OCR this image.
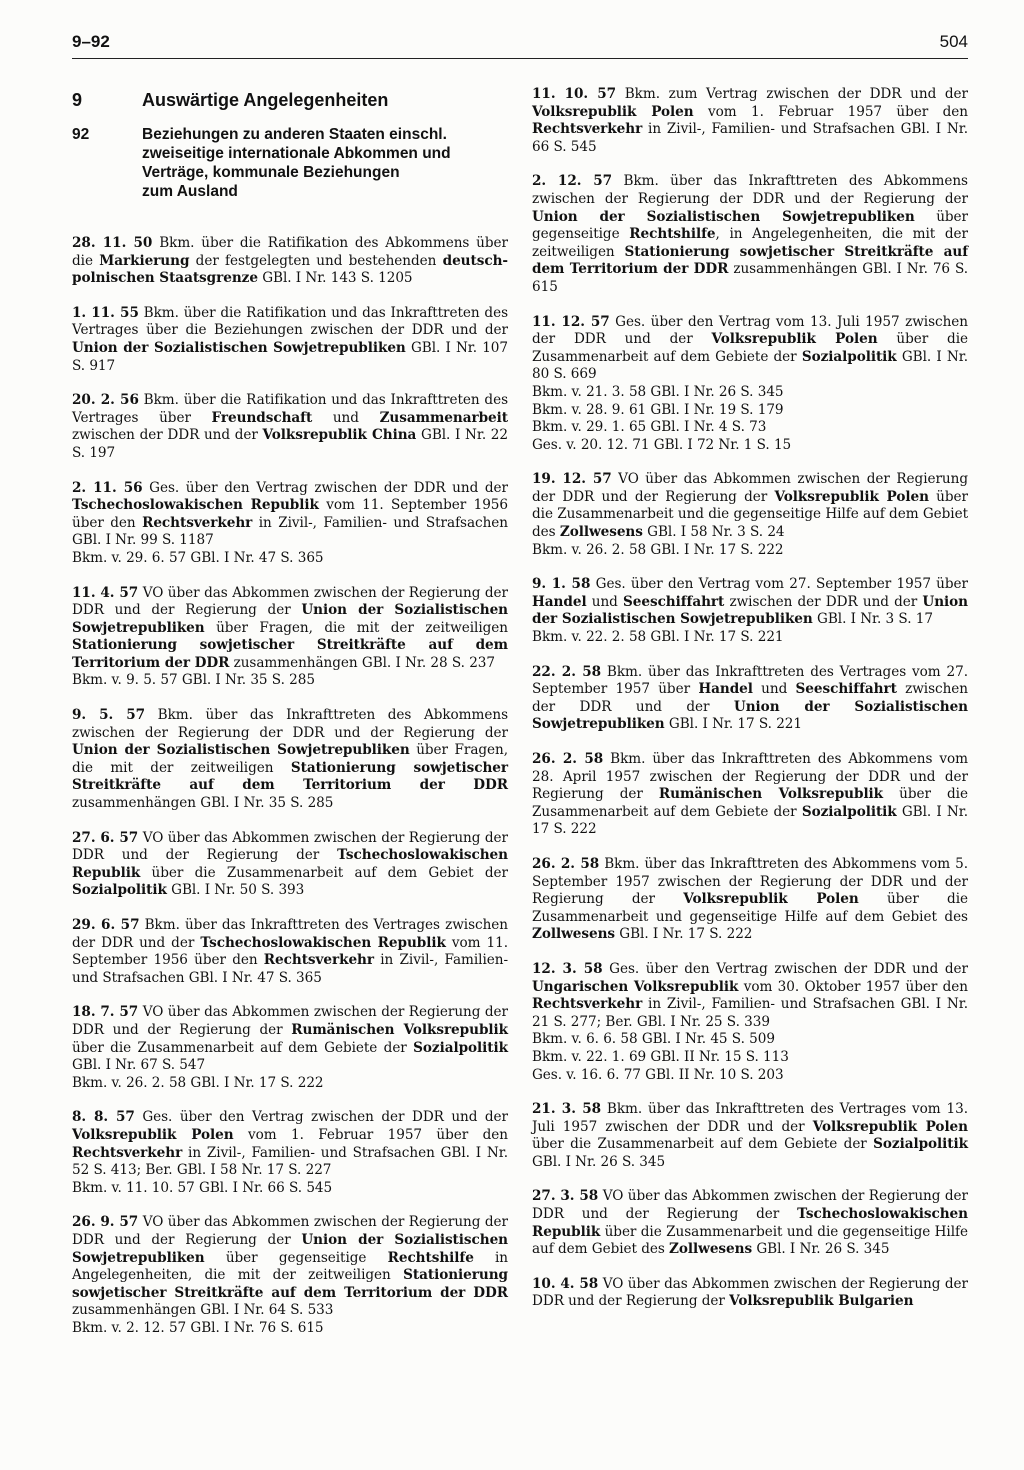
9–92	504
9	Auswärtige Angelegenheiten
92	Beziehungen zu anderen Staaten einschl.
zweiseitige internationale Abkommen und
Verträge, kommunale Beziehungen
zum Ausland
28. 11. 50 Bkm. über die Ratifikation des Abkommens über die Markierung der festgelegten und bestehenden deutsch-polnischen Staatsgrenze GBl. I Nr. 143 S. 1205
1. 11. 55 Bkm. über die Ratifikation und das Inkrafttreten des Vertrages über die Beziehungen zwischen der DDR und der Union der Sozialistischen Sowjetrepubliken GBl. I Nr. 107 S. 917
20. 2. 56 Bkm. über die Ratifikation und das Inkrafttreten des Vertrages über Freundschaft und Zusammenarbeit zwischen der DDR und der Volksrepublik China GBl. I Nr. 22 S. 197
2. 11. 56 Ges. über den Vertrag zwischen der DDR und der Tschechoslowakischen Republik vom 11. September 1956 über den Rechtsverkehr in Zivil-, Familien- und Strafsachen GBl. I Nr. 99 S. 1187
Bkm. v. 29. 6. 57 GBl. I Nr. 47 S. 365
11. 4. 57 VO über das Abkommen zwischen der Regierung der DDR und der Regierung der Union der Sozialistischen Sowjetrepubliken über Fragen, die mit der zeitweiligen Stationierung sowjetischer Streitkräfte auf dem Territorium der DDR zusammenhängen GBl. I Nr. 28 S. 237
Bkm. v. 9. 5. 57 GBl. I Nr. 35 S. 285
9. 5. 57 Bkm. über das Inkrafttreten des Abkommens zwischen der Regierung der DDR und der Regierung der Union der Sozialistischen Sowjetrepubliken über Fragen, die mit der zeitweiligen Stationierung sowjetischer Streitkräfte auf dem Territorium der DDR zusammenhängen GBl. I Nr. 35 S. 285
27. 6. 57 VO über das Abkommen zwischen der Regierung der DDR und der Regierung der Tschechoslowakischen Republik über die Zusammenarbeit auf dem Gebiet der Sozialpolitik GBl. I Nr. 50 S. 393
29. 6. 57 Bkm. über das Inkrafttreten des Vertrages zwischen der DDR und der Tschechoslowakischen Republik vom 11. September 1956 über den Rechtsverkehr in Zivil-, Familien- und Strafsachen GBl. I Nr. 47 S. 365
18. 7. 57 VO über das Abkommen zwischen der Regierung der DDR und der Regierung der Rumänischen Volksrepublik über die Zusammenarbeit auf dem Gebiete der Sozialpolitik GBl. I Nr. 67 S. 547
Bkm. v. 26. 2. 58 GBl. I Nr. 17 S. 222
8. 8. 57 Ges. über den Vertrag zwischen der DDR und der Volksrepublik Polen vom 1. Februar 1957 über den Rechtsverkehr in Zivil-, Familien- und Strafsachen GBl. I Nr. 52 S. 413; Ber. GBl. I 58 Nr. 17 S. 227
Bkm. v. 11. 10. 57 GBl. I Nr. 66 S. 545
26. 9. 57 VO über das Abkommen zwischen der Regierung der DDR und der Regierung der Union der Sozialistischen Sowjetrepubliken über gegenseitige Rechtshilfe in Angelegenheiten, die mit der zeitweiligen Stationierung sowjetischer Streitkräfte auf dem Territorium der DDR zusammenhängen GBl. I Nr. 64 S. 533
Bkm. v. 2. 12. 57 GBl. I Nr. 76 S. 615
11. 10. 57 Bkm. zum Vertrag zwischen der DDR und der Volksrepublik Polen vom 1. Februar 1957 über den Rechtsverkehr in Zivil-, Familien- und Strafsachen GBl. I Nr. 66 S. 545
2. 12. 57 Bkm. über das Inkrafttreten des Abkommens zwischen der Regierung der DDR und der Regierung der Union der Sozialistischen Sowjetrepubliken über gegenseitige Rechtshilfe, in Angelegenheiten, die mit der zeitweiligen Stationierung sowjetischer Streitkräfte auf dem Territorium der DDR zusammenhängen GBl. I Nr. 76 S. 615
11. 12. 57 Ges. über den Vertrag vom 13. Juli 1957 zwischen der DDR und der Volksrepublik Polen über die Zusammenarbeit auf dem Gebiete der Sozialpolitik GBl. I Nr. 80 S. 669
Bkm. v. 21. 3. 58 GBl. I Nr. 26 S. 345
Bkm. v. 28. 9. 61 GBl. I Nr. 19 S. 179
Bkm. v. 29. 1. 65 GBl. I Nr. 4 S. 73
Ges. v. 20. 12. 71 GBl. I 72 Nr. 1 S. 15
19. 12. 57 VO über das Abkommen zwischen der Regierung der DDR und der Regierung der Volksrepublik Polen über die Zusammenarbeit und die gegenseitige Hilfe auf dem Gebiet des Zollwesens GBl. I 58 Nr. 3 S. 24
Bkm. v. 26. 2. 58 GBl. I Nr. 17 S. 222
9. 1. 58 Ges. über den Vertrag vom 27. September 1957 über Handel und Seeschiffahrt zwischen der DDR und der Union der Sozialistischen Sowjetrepubliken GBl. I Nr. 3 S. 17
Bkm. v. 22. 2. 58 GBl. I Nr. 17 S. 221
22. 2. 58 Bkm. über das Inkrafttreten des Vertrages vom 27. September 1957 über Handel und Seeschiffahrt zwischen der DDR und der Union der Sozialistischen Sowjetrepubliken GBl. I Nr. 17 S. 221
26. 2. 58 Bkm. über das Inkrafttreten des Abkommens vom 28. April 1957 zwischen der Regierung der DDR und der Regierung der Rumänischen Volksrepublik über die Zusammenarbeit auf dem Gebiete der Sozialpolitik GBl. I Nr. 17 S. 222
26. 2. 58 Bkm. über das Inkrafttreten des Abkommens vom 5. September 1957 zwischen der Regierung der DDR und der Regierung der Volksrepublik Polen über die Zusammenarbeit und gegenseitige Hilfe auf dem Gebiet des Zollwesens GBl. I Nr. 17 S. 222
12. 3. 58 Ges. über den Vertrag zwischen der DDR und der Ungarischen Volksrepublik vom 30. Oktober 1957 über den Rechtsverkehr in Zivil-, Familien- und Strafsachen GBl. I Nr. 21 S. 277; Ber. GBl. I Nr. 25 S. 339
Bkm. v. 6. 6. 58 GBl. I Nr. 45 S. 509
Bkm. v. 22. 1. 69 GBl. II Nr. 15 S. 113
Ges. v. 16. 6. 77 GBl. II Nr. 10 S. 203
21. 3. 58 Bkm. über das Inkrafttreten des Vertrages vom 13. Juli 1957 zwischen der DDR und der Volksrepublik Polen über die Zusammenarbeit auf dem Gebiete der Sozialpolitik GBl. I Nr. 26 S. 345
27. 3. 58 VO über das Abkommen zwischen der Regierung der DDR und der Regierung der Tschechoslowakischen Republik über die Zusammenarbeit und die gegenseitige Hilfe auf dem Gebiet des Zollwesens GBl. I Nr. 26 S. 345
10. 4. 58 VO über das Abkommen zwischen der Regierung der DDR und der Regierung der Volksrepublik Bulgarien
